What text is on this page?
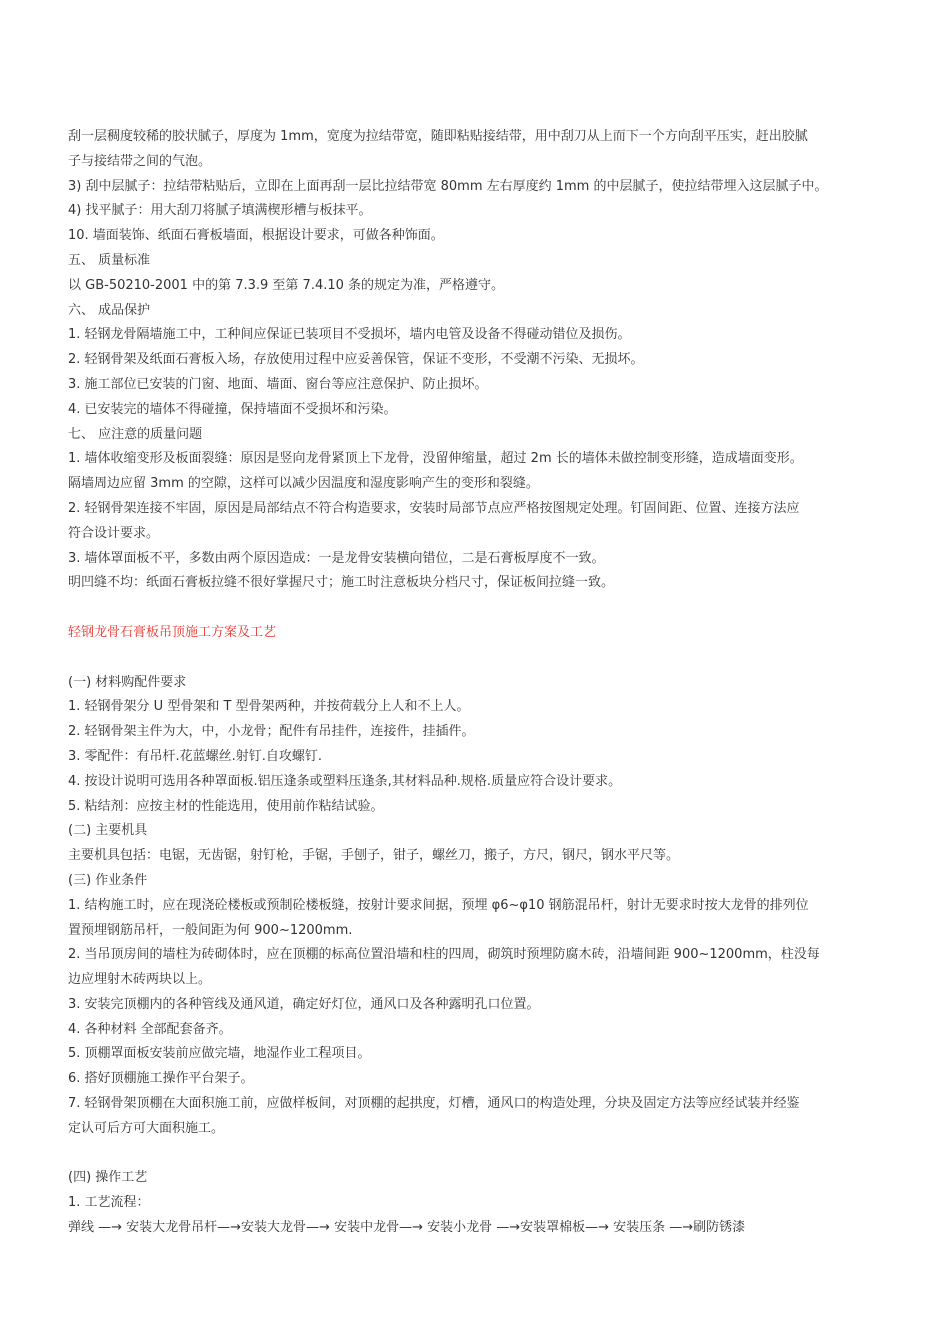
刮一层稠度较稀的胶状腻子，厚度为 1mm，宽度为拉结带宽，随即粘贴接结带，用中刮刀从上而下一个方向刮平压实，赶出胶腻
子与接结带之间的气泡。
3) 刮中层腻子：拉结带粘贴后，立即在上面再刮一层比拉结带宽 80mm 左右厚度约 1mm 的中层腻子，使拉结带埋入这层腻子中。
4) 找平腻子：用大刮刀将腻子填满楔形槽与板抹平。
10. 墙面装饰、纸面石膏板墙面，根据设计要求，可做各种饰面。
五、 质量标准
以 GB-50210-2001 中的第 7.3.9 至第 7.4.10 条的规定为准，严格遵守。
六、 成品保护
1. 轻钢龙骨隔墙施工中，工种间应保证已装项目不受损坏，墙内电管及设备不得碰动错位及损伤。
2. 轻钢骨架及纸面石膏板入场，存放使用过程中应妥善保管，保证不变形，不受潮不污染、无损坏。
3. 施工部位已安装的门窗、地面、墙面、窗台等应注意保护、防止损坏。
4. 已安装完的墙体不得碰撞，保持墙面不受损坏和污染。
七、 应注意的质量问题
1. 墙体收缩变形及板面裂缝：原因是竖向龙骨紧顶上下龙骨，没留伸缩量，超过 2m 长的墙体未做控制变形缝，造成墙面变形。
隔墙周边应留 3mm 的空隙，这样可以减少因温度和湿度影响产生的变形和裂缝。
2. 轻钢骨架连接不牢固，原因是局部结点不符合构造要求，安装时局部节点应严格按图规定处理。钉固间距、位置、连接方法应
符合设计要求。
3. 墙体罩面板不平，多数由两个原因造成：一是龙骨安装横向错位，二是石膏板厚度不一致。
明凹缝不均：纸面石膏板拉缝不很好掌握尺寸；施工时注意板块分档尺寸，保证板间拉缝一致。
轻钢龙骨石膏板吊顶施工方案及工艺
(一) 材料购配件要求
1. 轻钢骨架分 U 型骨架和 T 型骨架两种，并按荷载分上人和不上人。
2. 轻钢骨架主件为大，中，小龙骨；配件有吊挂件，连接件，挂插件。
3. 零配件：有吊杆.花蓝螺丝.射钉.自攻螺钉.
4. 按设计说明可选用各种罩面板.铝压逢条或塑料压逢条,其材料品种.规格.质量应符合设计要求。
5. 粘结剂：应按主材的性能选用，使用前作粘结试验。
(二) 主要机具
主要机具包括：电锯，无齿锯，射钉枪，手锯，手刨子，钳子，螺丝刀，搬子，方尺，钢尺，钢水平尺等。
(三) 作业条件
1. 结构施工时，应在现浇砼楼板或预制砼楼板缝，按射计要求间据，预埋 φ6~φ10 钢筋混吊杆，射计无要求时按大龙骨的排列位
置预埋钢筋吊杆，一般间距为何 900~1200mm.
2. 当吊顶房间的墙柱为砖砌体时，应在顶棚的标高位置沿墙和柱的四周，砌筑时预埋防腐木砖，沿墙间距 900~1200mm，柱没每
边应埋射木砖两块以上。
3. 安装完顶棚内的各种管线及通风道，确定好灯位，通风口及各种露明孔口位置。
4. 各种材料 全部配套备齐。
5. 顶棚罩面板安装前应做完墙，地湿作业工程项目。
6. 搭好顶棚施工操作平台架子。
7. 轻钢骨架顶棚在大面积施工前，应做样板间，对顶棚的起拱度，灯槽，通风口的构造处理，分块及固定方法等应经试装并经鉴
定认可后方可大面积施工。
(四) 操作工艺
1. 工艺流程：
弹线 —→ 安装大龙骨吊杆—→安装大龙骨—→ 安装中龙骨—→ 安装小龙骨 —→安装罩棉板—→ 安装压条 —→刷防锈漆
